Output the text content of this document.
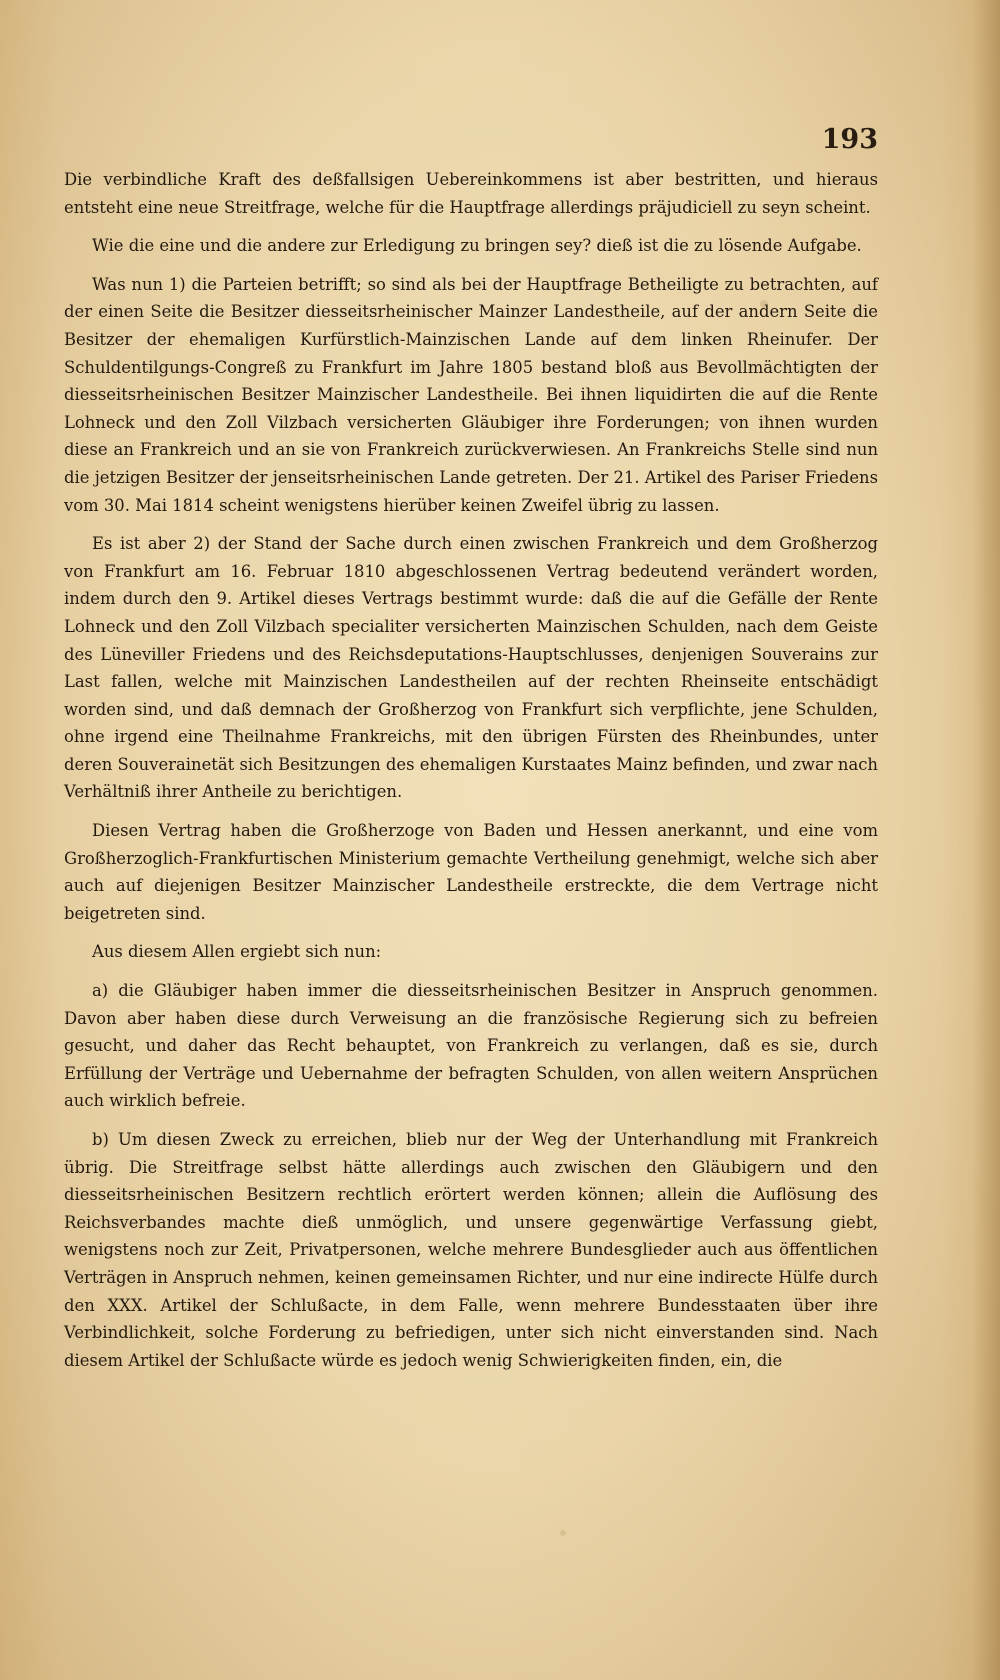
193

Die verbindliche Kraft des deßfallsigen Uebereinkommens ist aber bestritten, und hieraus entsteht eine neue Streitfrage, welche für die Hauptfrage allerdings präjudiciell zu seyn scheint.

Wie die eine und die andere zur Erledigung zu bringen sey? dieß ist die zu lösende Aufgabe.

Was nun 1) die Parteien betrifft; so sind als bei der Hauptfrage Betheiligte zu betrachten, auf der einen Seite die Besitzer diesseitsrheinischer Mainzer Landestheile, auf der andern Seite die Besitzer der ehemaligen Kurfürstlich-Mainzischen Lande auf dem linken Rheinufer. Der Schuldentilgungs-Congreß zu Frankfurt im Jahre 1805 bestand bloß aus Bevollmächtigten der diesseitsrheinischen Besitzer Mainzischer Landestheile. Bei ihnen liquidirten die auf die Rente Lohneck und den Zoll Vilzbach versicherten Gläubiger ihre Forderungen; von ihnen wurden diese an Frankreich und an sie von Frankreich zurückverwiesen. An Frankreichs Stelle sind nun die jetzigen Besitzer der jenseitsrheinischen Lande getreten. Der 21. Artikel des Pariser Friedens vom 30. Mai 1814 scheint wenigstens hierüber keinen Zweifel übrig zu lassen.

Es ist aber 2) der Stand der Sache durch einen zwischen Frankreich und dem Großherzog von Frankfurt am 16. Februar 1810 abgeschlossenen Vertrag bedeutend verändert worden, indem durch den 9. Artikel dieses Vertrags bestimmt wurde: daß die auf die Gefälle der Rente Lohneck und den Zoll Vilzbach specialiter versicherten Mainzischen Schulden, nach dem Geiste des Lüneviller Friedens und des Reichsdeputations-Hauptschlusses, denjenigen Souverains zur Last fallen, welche mit Mainzischen Landestheilen auf der rechten Rheinseite entschädigt worden sind, und daß demnach der Großherzog von Frankfurt sich verpflichte, jene Schulden, ohne irgend eine Theilnahme Frankreichs, mit den übrigen Fürsten des Rheinbundes, unter deren Souverainetät sich Besitzungen des ehemaligen Kurstaates Mainz befinden, und zwar nach Verhältniß ihrer Antheile zu berichtigen.

Diesen Vertrag haben die Großherzoge von Baden und Hessen anerkannt, und eine vom Großherzoglich-Frankfurtischen Ministerium gemachte Vertheilung genehmigt, welche sich aber auch auf diejenigen Besitzer Mainzischer Landestheile erstreckte, die dem Vertrage nicht beigetreten sind.

Aus diesem Allen ergiebt sich nun:

a) die Gläubiger haben immer die diesseitsrheinischen Besitzer in Anspruch genommen. Davon aber haben diese durch Verweisung an die französische Regierung sich zu befreien gesucht, und daher das Recht behauptet, von Frankreich zu verlangen, daß es sie, durch Erfüllung der Verträge und Uebernahme der befragten Schulden, von allen weitern Ansprüchen auch wirklich befreie.

b) Um diesen Zweck zu erreichen, blieb nur der Weg der Unterhandlung mit Frankreich übrig. Die Streitfrage selbst hätte allerdings auch zwischen den Gläubigern und den diesseitsrheinischen Besitzern rechtlich erörtert werden können; allein die Auflösung des Reichsverbandes machte dieß unmöglich, und unsere gegenwärtige Verfassung giebt, wenigstens noch zur Zeit, Privatpersonen, welche mehrere Bundesglieder auch aus öffentlichen Verträgen in Anspruch nehmen, keinen gemeinsamen Richter, und nur eine indirecte Hülfe durch den XXX. Artikel der Schlußacte, in dem Falle, wenn mehrere Bundesstaaten über ihre Verbindlichkeit, solche Forderung zu befriedigen, unter sich nicht einverstanden sind. Nach diesem Artikel der Schlußacte würde es jedoch wenig Schwierigkeiten finden, ein, die
